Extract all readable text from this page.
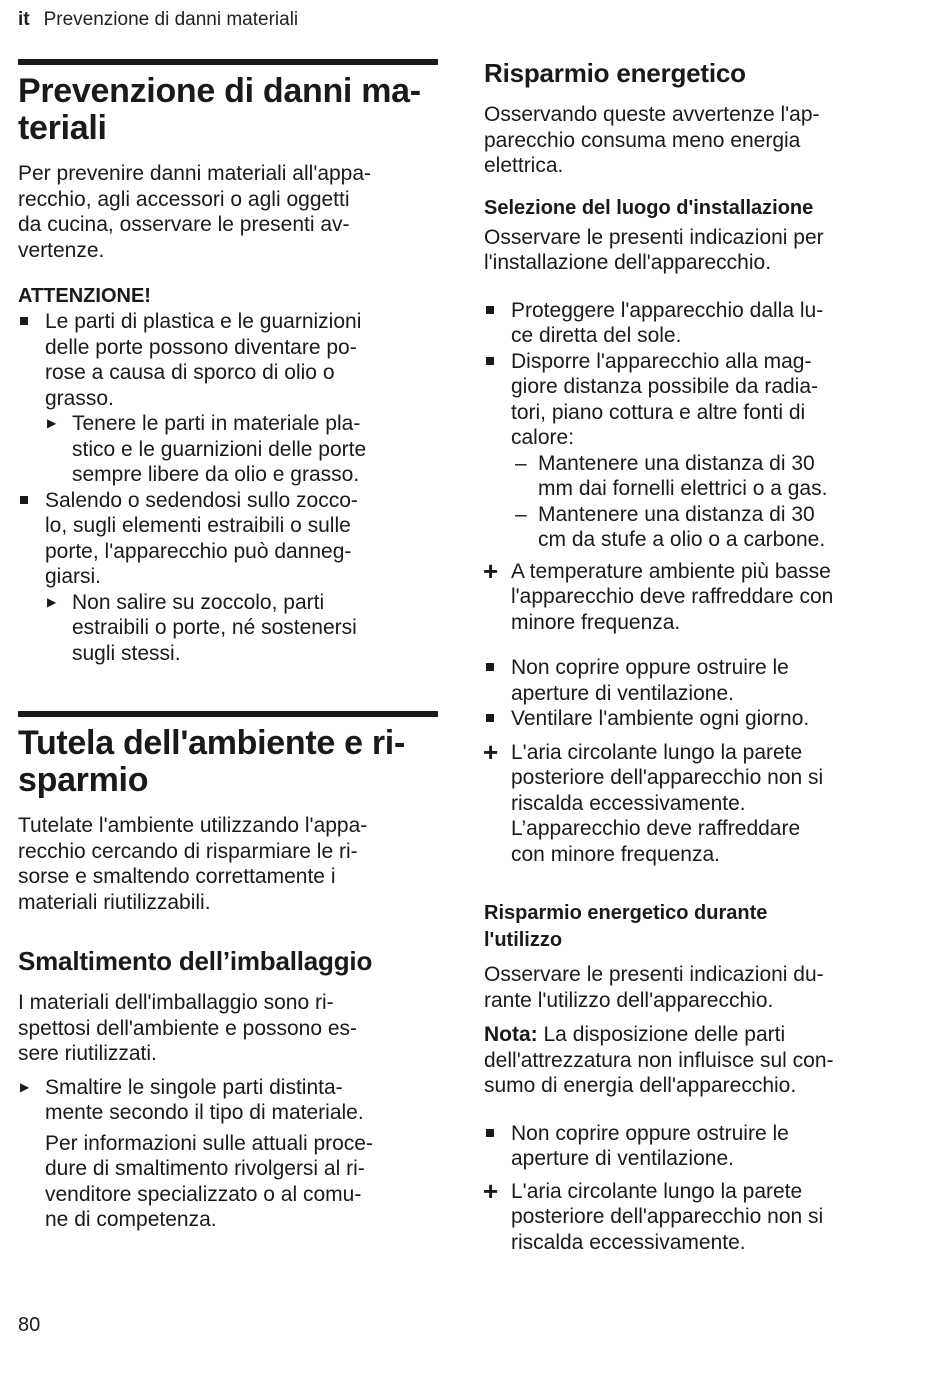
it Prevenzione di danni materiali
Prevenzione di danni ma-
teriali
Per prevenire danni materiali all'appa-
recchio, agli accessori o agli oggetti
da cucina, osservare le presenti av-
vertenze.
ATTENZIONE!
Le parti di plastica e le guarnizioni
delle porte possono diventare po-
rose a causa di sporco di olio o
grasso.
▶ Tenere le parti in materiale pla-
stico e le guarnizioni delle porte
sempre libere da olio e grasso.
Salendo o sedendosi sullo zocco-
lo, sugli elementi estraibili o sulle
porte, l'apparecchio può danneg-
giarsi.
▶ Non salire su zoccolo, parti
estraibili o porte, né sostenersi
sugli stessi.
Tutela dell'ambiente e ri-
sparmio
Tutelate l'ambiente utilizzando l'appa-
recchio cercando di risparmiare le ri-
sorse e smaltendo correttamente i
materiali riutilizzabili.
Smaltimento dell’imballaggio
I materiali dell'imballaggio sono ri-
spettosi dell'ambiente e possono es-
sere riutilizzati.
▶ Smaltire le singole parti distinta-
mente secondo il tipo di materiale.
Per informazioni sulle attuali proce-
dure di smaltimento rivolgersi al ri-
venditore specializzato o al comu-
ne di competenza.
Risparmio energetico
Osservando queste avvertenze l'ap-
parecchio consuma meno energia
elettrica.
Selezione del luogo d'installazione
Osservare le presenti indicazioni per
l'installazione dell'apparecchio.
Proteggere l'apparecchio dalla lu-
ce diretta del sole.
Disporre l'apparecchio alla mag-
giore distanza possibile da radia-
tori, piano cottura e altre fonti di
calore:
– Mantenere una distanza di 30
mm dai fornelli elettrici o a gas.
– Mantenere una distanza di 30
cm da stufe a olio o a carbone.
+ A temperature ambiente più basse
l'apparecchio deve raffreddare con
minore frequenza.
Non coprire oppure ostruire le
aperture di ventilazione.
Ventilare l'ambiente ogni giorno.
+ L'aria circolante lungo la parete
posteriore dell'apparecchio non si
riscalda eccessivamente.
L’apparecchio deve raffreddare
con minore frequenza.
Risparmio energetico durante
l'utilizzo
Osservare le presenti indicazioni du-
rante l'utilizzo dell'apparecchio.
Nota: La disposizione delle parti
dell'attrezzatura non influisce sul con-
sumo di energia dell'apparecchio.
Non coprire oppure ostruire le
aperture di ventilazione.
+ L'aria circolante lungo la parete
posteriore dell'apparecchio non si
riscalda eccessivamente.
80
